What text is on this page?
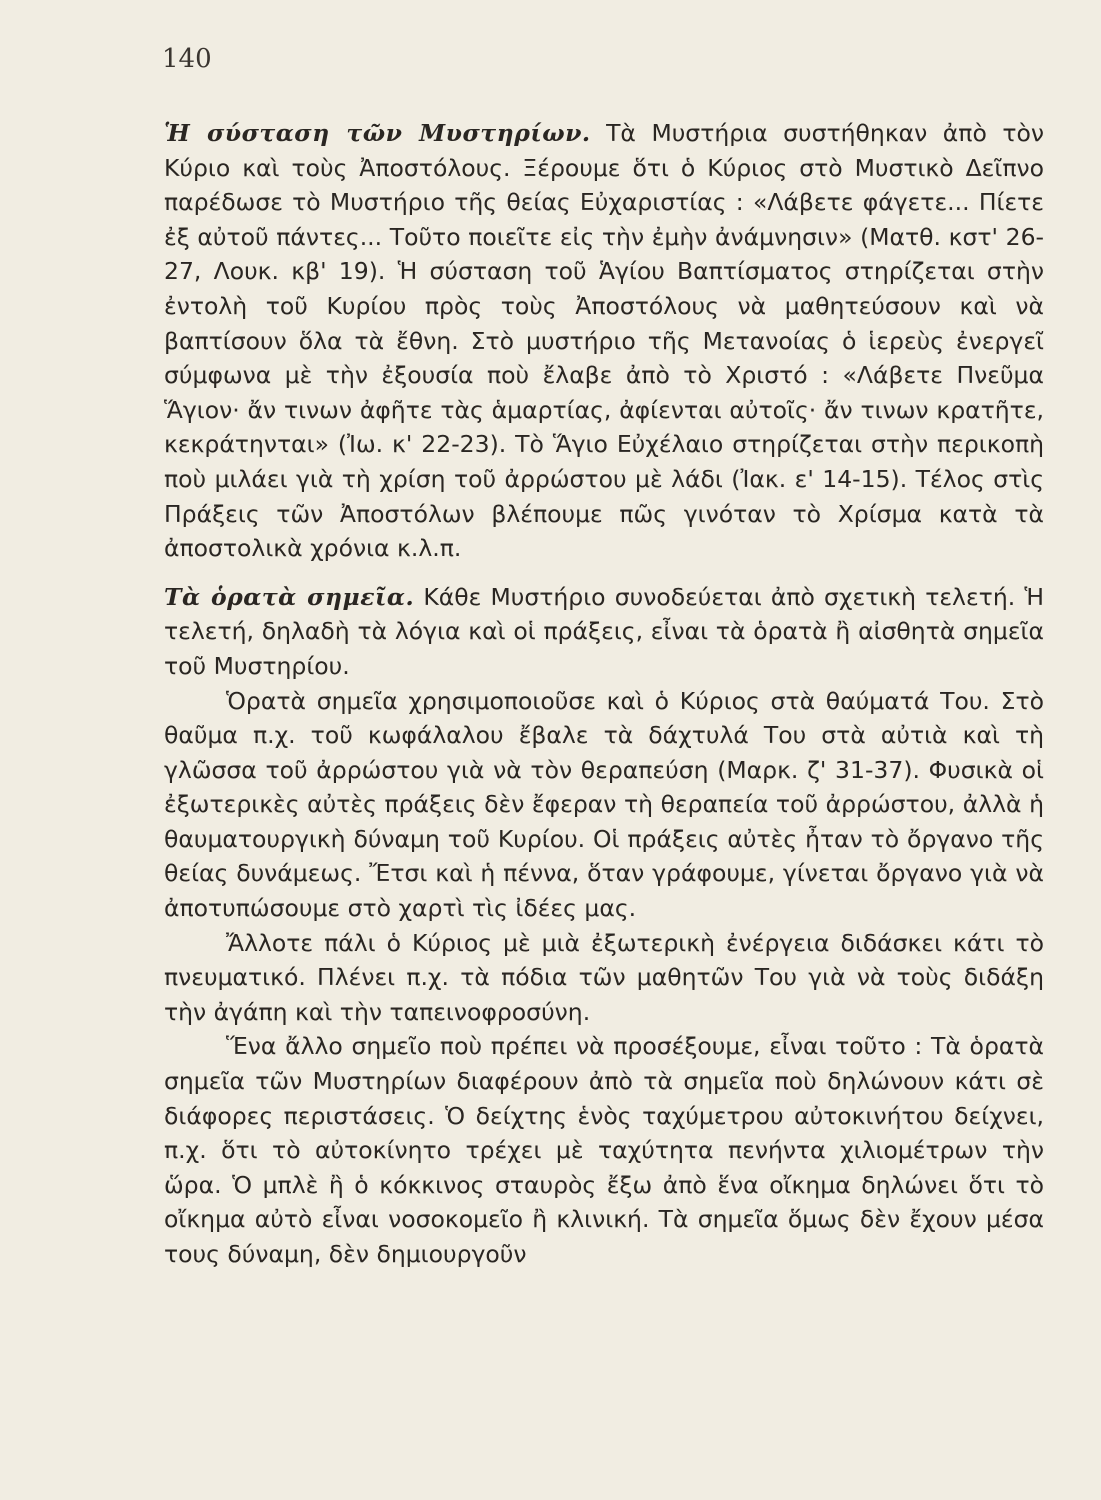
140

Ἡ σύσταση τῶν Μυστηρίων. Τὰ Μυστήρια συστήθηκαν ἀπὸ τὸν Κύριο καὶ τοὺς Ἀποστόλους. Ξέρουμε ὅτι ὁ Κύριος στὸ Μυστικὸ Δεῖπνο παρέδωσε τὸ Μυστήριο τῆς θείας Εὐχαριστίας : «Λάβετε φάγετε... Πίετε ἐξ αὐτοῦ πάντες... Τοῦτο ποιεῖτε εἰς τὴν ἐμὴν ἀνάμνησιν» (Ματθ. κστ' 26-27, Λουκ. κβ' 19). Ἡ σύσταση τοῦ Ἁγίου Βαπτίσματος στηρίζεται στὴν ἐντολὴ τοῦ Κυρίου πρὸς τοὺς Ἀποστόλους νὰ μαθητεύσουν καὶ νὰ βαπτίσουν ὅλα τὰ ἔθνη. Στὸ μυστήριο τῆς Μετανοίας ὁ ἱερεὺς ἐνεργεῖ σύμφωνα μὲ τὴν ἐξουσία ποὺ ἔλαβε ἀπὸ τὸ Χριστό : «Λάβετε Πνεῦμα Ἅγιον· ἄν τινων ἀφῆτε τὰς ἁμαρτίας, ἀφίενται αὐτοῖς· ἄν τινων κρατῆτε, κεκράτηνται» (Ἰω. κ' 22-23). Τὸ Ἅγιο Εὐχέλαιο στηρίζεται στὴν περικοπὴ ποὺ μιλάει γιὰ τὴ χρίση τοῦ ἀρρώστου μὲ λάδι (Ἰακ. ε' 14-15). Τέλος στὶς Πράξεις τῶν Ἀποστόλων βλέπουμε πῶς γινόταν τὸ Χρίσμα κατὰ τὰ ἀποστολικὰ χρόνια κ.λ.π.

Τὰ ὁρατὰ σημεῖα. Κάθε Μυστήριο συνοδεύεται ἀπὸ σχετικὴ τελετή. Ἡ τελετή, δηλαδὴ τὰ λόγια καὶ οἱ πράξεις, εἶναι τὰ ὁρατὰ ἢ αἰσθητὰ σημεῖα τοῦ Μυστηρίου.

Ὁρατὰ σημεῖα χρησιμοποιοῦσε καὶ ὁ Κύριος στὰ θαύματά Του. Στὸ θαῦμα π.χ. τοῦ κωφάλαλου ἔβαλε τὰ δάχτυλά Του στὰ αὐτιὰ καὶ τὴ γλῶσσα τοῦ ἀρρώστου γιὰ νὰ τὸν θεραπεύση (Μαρκ. ζ' 31-37). Φυσικὰ οἱ ἐξωτερικὲς αὐτὲς πράξεις δὲν ἔφεραν τὴ θεραπεία τοῦ ἀρρώστου, ἀλλὰ ἡ θαυματουργικὴ δύναμη τοῦ Κυρίου. Οἱ πράξεις αὐτὲς ἦταν τὸ ὄργανο τῆς θείας δυνάμεως. Ἔτσι καὶ ἡ πέννα, ὅταν γράφουμε, γίνεται ὄργανο γιὰ νὰ ἀποτυπώσουμε στὸ χαρτὶ τὶς ἰδέες μας.

Ἄλλοτε πάλι ὁ Κύριος μὲ μιὰ ἐξωτερικὴ ἐνέργεια διδάσκει κάτι τὸ πνευματικό. Πλένει π.χ. τὰ πόδια τῶν μαθητῶν Του γιὰ νὰ τοὺς διδάξη τὴν ἀγάπη καὶ τὴν ταπεινοφροσύνη.

Ἕνα ἄλλο σημεῖο ποὺ πρέπει νὰ προσέξουμε, εἶναι τοῦτο : Τὰ ὁρατὰ σημεῖα τῶν Μυστηρίων διαφέρουν ἀπὸ τὰ σημεῖα ποὺ δηλώνουν κάτι σὲ διάφορες περιστάσεις. Ὁ δείχτης ἑνὸς ταχύμετρου αὐτοκινήτου δείχνει, π.χ. ὅτι τὸ αὐτοκίνητο τρέχει μὲ ταχύτητα πενήντα χιλιομέτρων τὴν ὥρα. Ὁ μπλὲ ἢ ὁ κόκκινος σταυρὸς ἔξω ἀπὸ ἕνα οἴκημα δηλώνει ὅτι τὸ οἴκημα αὐτὸ εἶναι νοσοκομεῖο ἢ κλινική. Τὰ σημεῖα ὅμως δὲν ἔχουν μέσα τους δύναμη, δὲν δημιουργοῦν
